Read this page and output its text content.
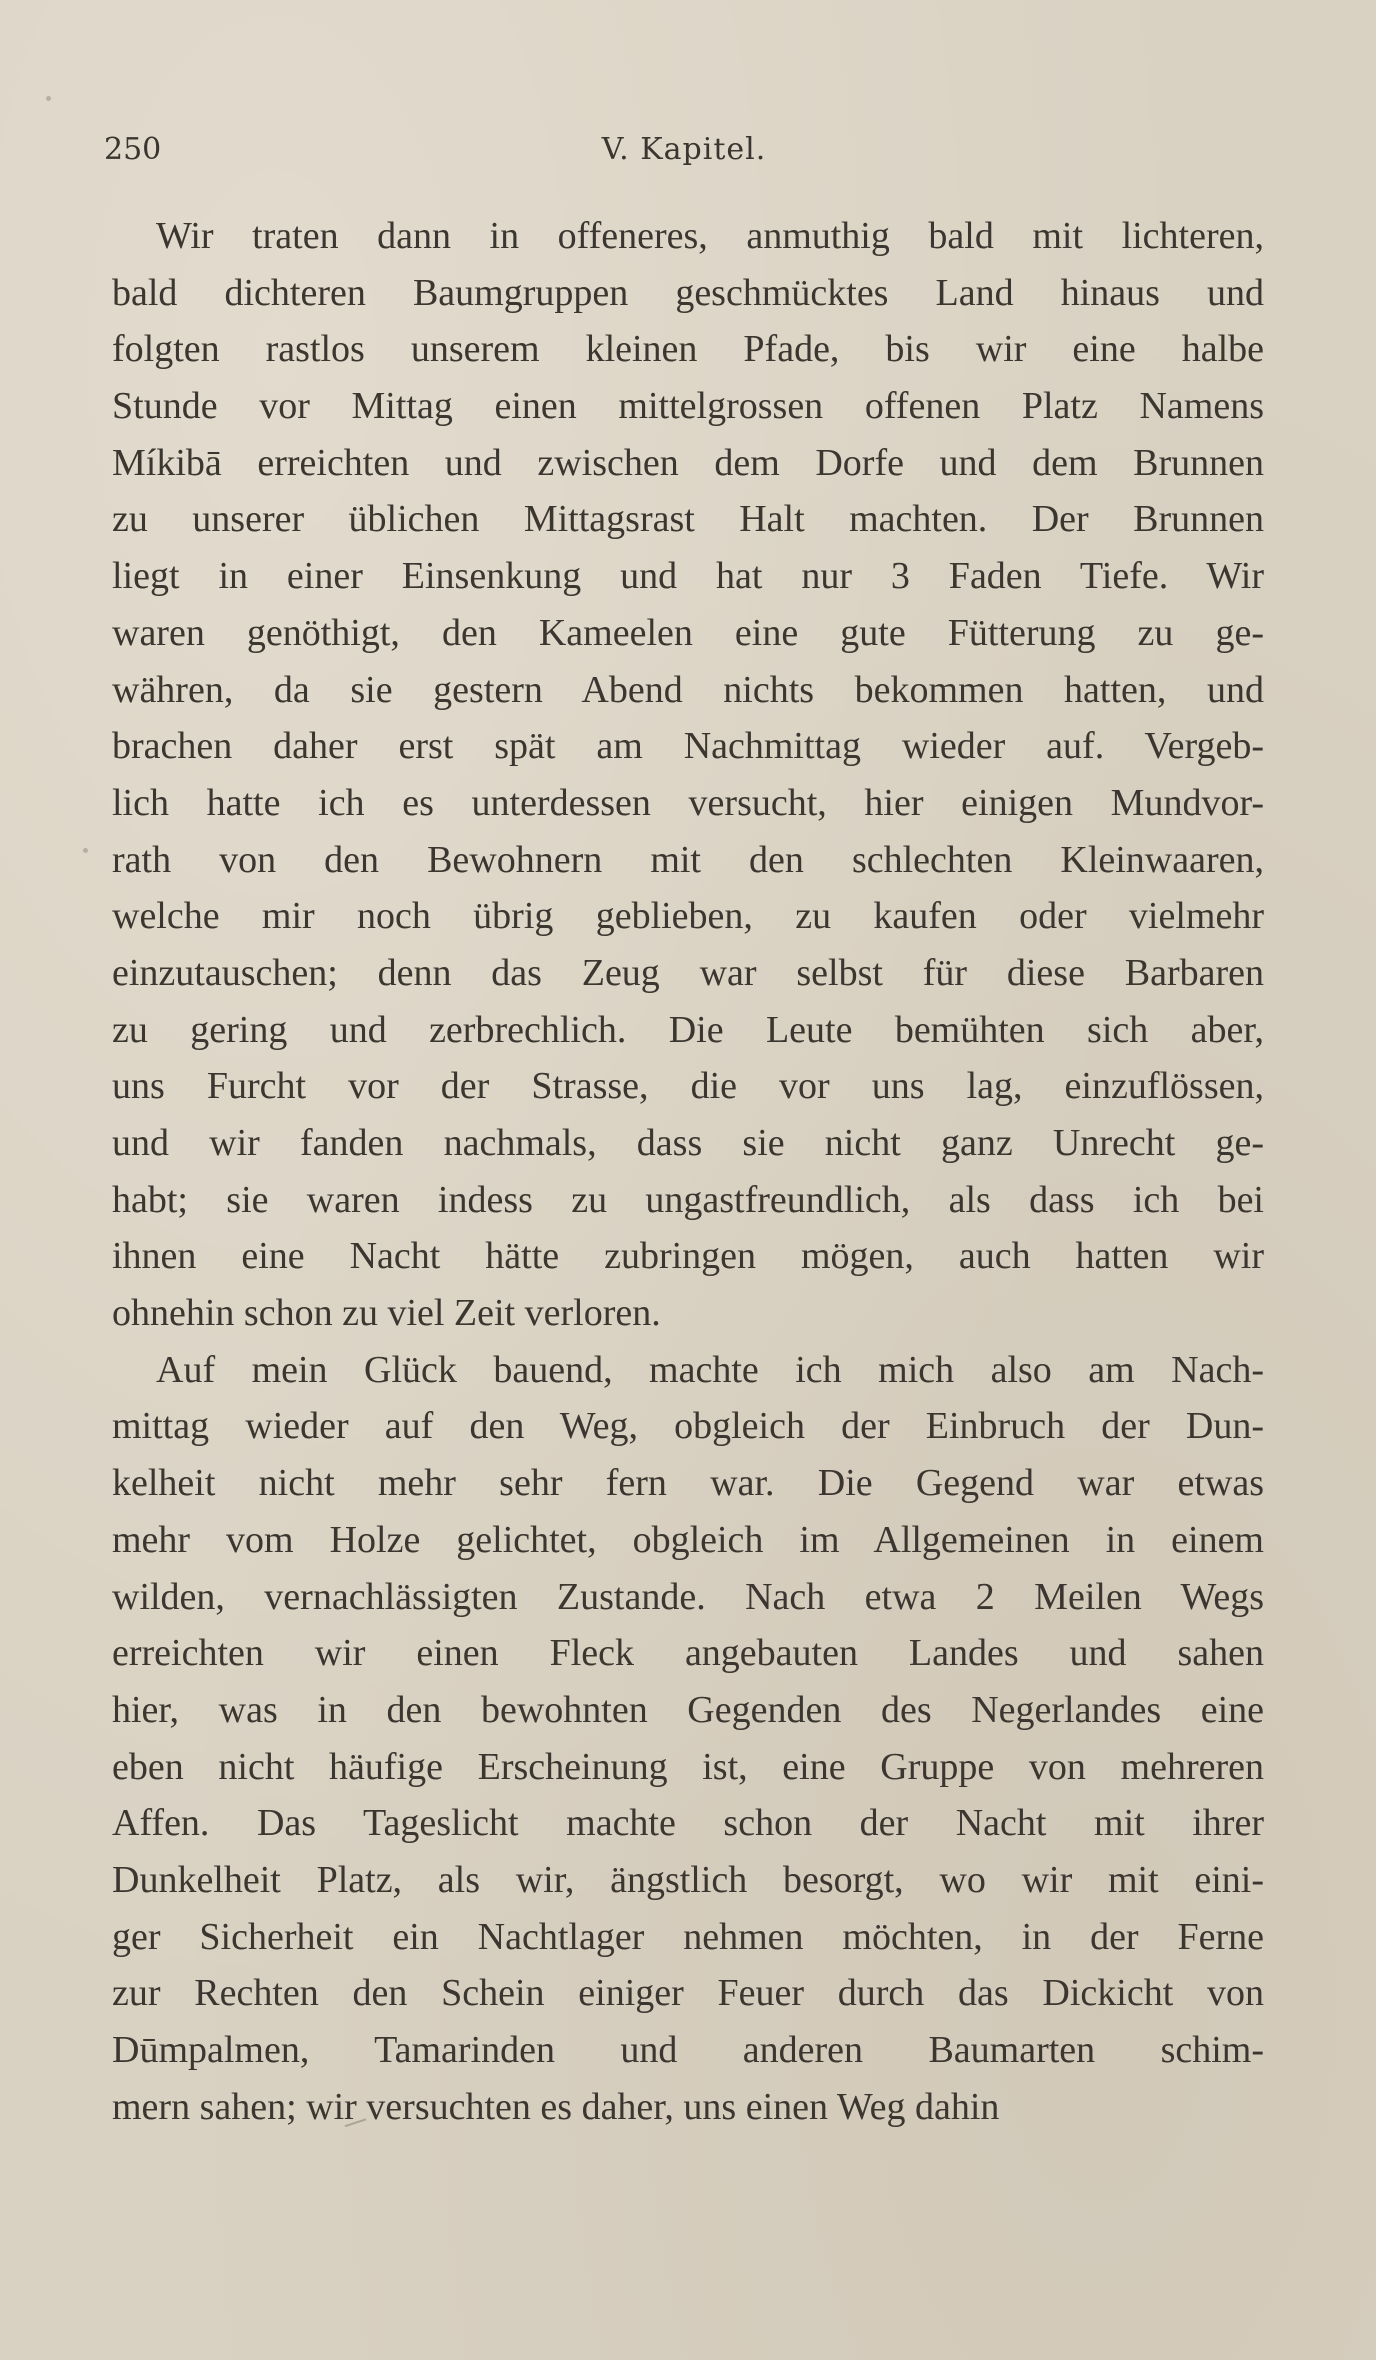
250	V. Kapitel.
Wir traten dann in offeneres, anmuthig bald mit lichteren,
bald dichteren Baumgruppen geschmücktes Land hinaus und
folgten rastlos unserem kleinen Pfade, bis wir eine halbe
Stunde vor Mittag einen mittelgrossen offenen Platz Namens
Míkibā erreichten und zwischen dem Dorfe und dem Brunnen
zu unserer üblichen Mittagsrast Halt machten. Der Brunnen
liegt in einer Einsenkung und hat nur 3 Faden Tiefe. Wir
waren genöthigt, den Kameelen eine gute Fütterung zu ge-
währen, da sie gestern Abend nichts bekommen hatten, und
brachen daher erst spät am Nachmittag wieder auf. Vergeb-
lich hatte ich es unterdessen versucht, hier einigen Mundvor-
rath von den Bewohnern mit den schlechten Kleinwaaren,
welche mir noch übrig geblieben, zu kaufen oder vielmehr
einzutauschen; denn das Zeug war selbst für diese Barbaren
zu gering und zerbrechlich. Die Leute bemühten sich aber,
uns Furcht vor der Strasse, die vor uns lag, einzuflössen,
und wir fanden nachmals, dass sie nicht ganz Unrecht ge-
habt; sie waren indess zu ungastfreundlich, als dass ich bei
ihnen eine Nacht hätte zubringen mögen, auch hatten wir
ohnehin schon zu viel Zeit verloren.
Auf mein Glück bauend, machte ich mich also am Nach-
mittag wieder auf den Weg, obgleich der Einbruch der Dun-
kelheit nicht mehr sehr fern war. Die Gegend war etwas
mehr vom Holze gelichtet, obgleich im Allgemeinen in einem
wilden, vernachlässigten Zustande. Nach etwa 2 Meilen Wegs
erreichten wir einen Fleck angebauten Landes und sahen
hier, was in den bewohnten Gegenden des Negerlandes eine
eben nicht häufige Erscheinung ist, eine Gruppe von mehreren
Affen. Das Tageslicht machte schon der Nacht mit ihrer
Dunkelheit Platz, als wir, ängstlich besorgt, wo wir mit eini-
ger Sicherheit ein Nachtlager nehmen möchten, in der Ferne
zur Rechten den Schein einiger Feuer durch das Dickicht von
Dūmpalmen, Tamarinden und anderen Baumarten schim-
mern sahen; wir versuchten es daher, uns einen Weg dahin
